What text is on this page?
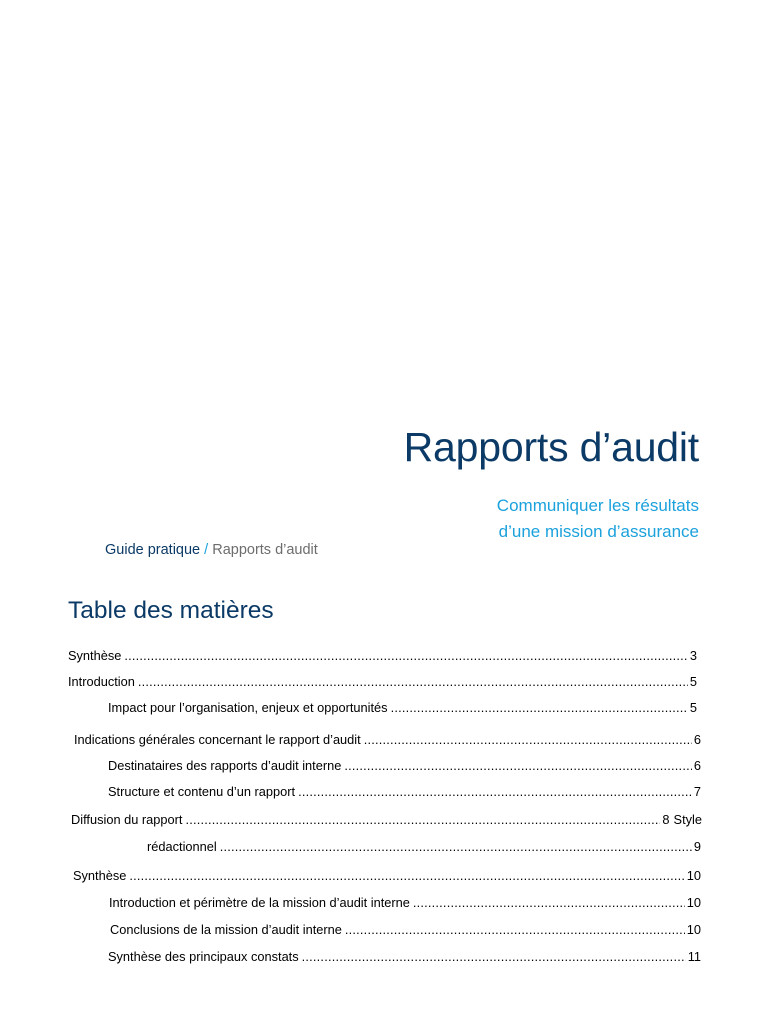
Rapports d’audit
Communiquer les résultats
d’une mission d’assurance
Guide pratique / Rapports d’audit
Table des matières
Synthèse .....	3
Introduction .....	5
Impact pour l’organisation, enjeux et opportunités .....	5
Indications générales concernant le rapport d’audit .....	6
Destinataires des rapports d’audit interne .....	6
Structure et contenu d’un rapport .....	7
Diffusion du rapport .....	8 Style
rédactionnel .....	9
Synthèse .....	10
Introduction et périmètre de la mission d’audit interne .....	10
Conclusions de la mission d’audit interne .....	10
Synthèse des principaux constats .....	11
